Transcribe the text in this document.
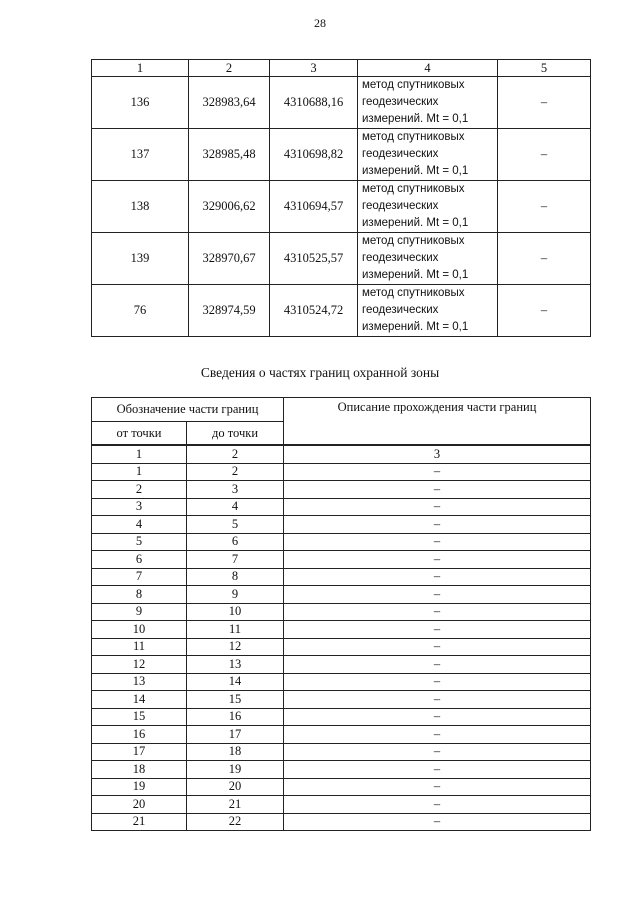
28
1	2	3	4	5
136	328983,64	4310688,16	метод спутниковых
геодезических
измерений. Mt = 0,1	–
137	328985,48	4310698,82	метод спутниковых
геодезических
измерений. Mt = 0,1	–
138	329006,62	4310694,57	метод спутниковых
геодезических
измерений. Mt = 0,1	–
139	328970,67	4310525,57	метод спутниковых
геодезических
измерений. Mt = 0,1	–
76	328974,59	4310524,72	метод спутниковых
геодезических
измерений. Mt = 0,1	–
Сведения о частях границ охранной зоны
Обозначение части границ		Описание прохождения части границ
от точки	до точки	
1	2	3
1	2	–
2	3	–
3	4	–
4	5	–
5	6	–
6	7	–
7	8	–
8	9	–
9	10	–
10	11	–
11	12	–
12	13	–
13	14	–
14	15	–
15	16	–
16	17	–
17	18	–
18	19	–
19	20	–
20	21	–
21	22	–
